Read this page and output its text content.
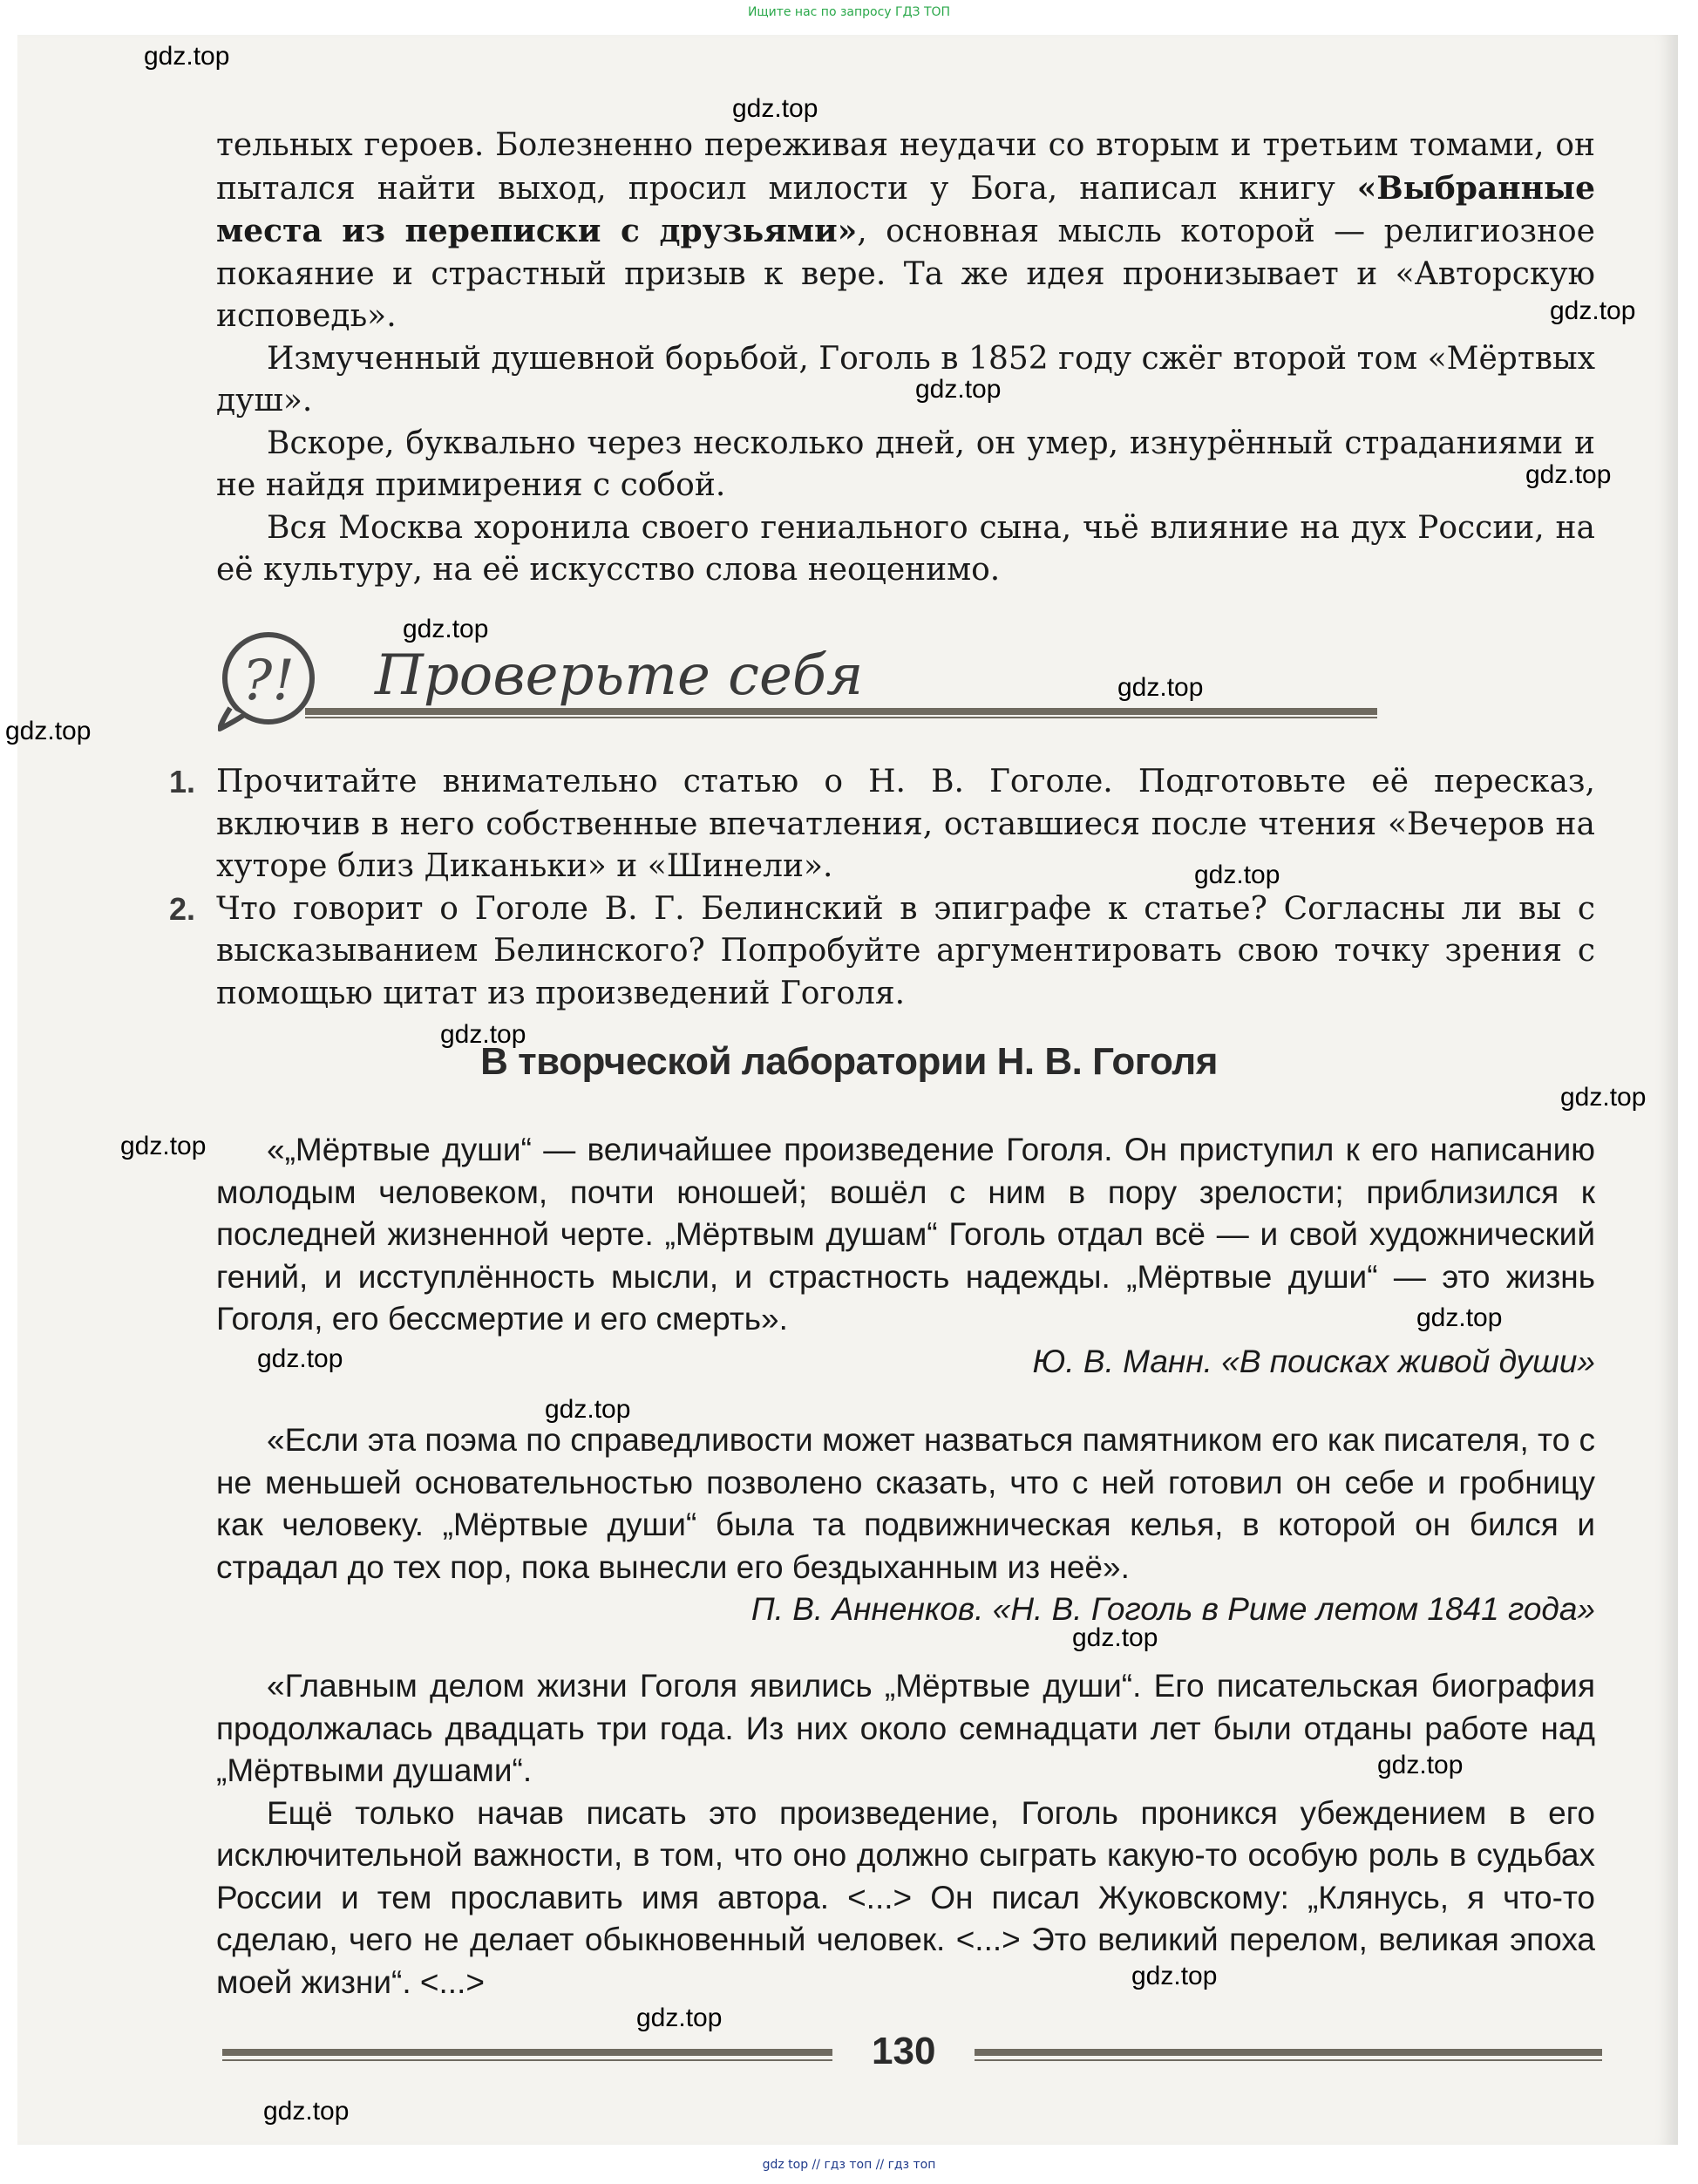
Ищите нас по запросу ГДЗ ТОП

тельных героев. Болезненно переживая неудачи со вторым и третьим томами, он пытался найти выход, просил милости у Бога, написал книгу «Выбранные места из переписки с друзьями», основная мысль которой — религиозное покаяние и страстный призыв к вере. Та же идея пронизывает и «Авторскую исповедь».

Измученный душевной борьбой, Гоголь в 1852 году сжёг второй том «Мёртвых душ».

Вскоре, буквально через несколько дней, он умер, изнурённый страданиями и не найдя примирения с собой.

Вся Москва хоронила своего гениального сына, чьё влияние на дух России, на её культуру, на её искусство слова неоценимо.

?! Проверьте себя
1. Прочитайте внимательно статью о Н. В. Гоголе. Подготовьте её пересказ, включив в него собственные впечатления, оставшиеся после чтения «Вечеров на хуторе близ Диканьки» и «Шинели».
2. Что говорит о Гоголе В. Г. Белинский в эпиграфе к статье? Согласны ли вы с высказыванием Белинского? Попробуйте аргументировать свою точку зрения с помощью цитат из произведений Гоголя.
В творческой лаборатории Н. В. Гоголя

«„Мёртвые души“ — величайшее произведение Гоголя. Он приступил к его написанию молодым человеком, почти юношей; вошёл с ним в пору зрелости; приблизился к последней жизненной черте. „Мёртвым душам“ Гоголь отдал всё — и свой художнический гений, и исступлённость мысли, и страстность надежды. „Мёртвые души“ — это жизнь Гоголя, его бессмертие и его смерть».

Ю. В. Манн. «В поисках живой души»

«Если эта поэма по справедливости может назваться памятником его как писателя, то с не меньшей основательностью позволено сказать, что с ней готовил он себе и гробницу как человеку. „Мёртвые души“ была та подвижническая келья, в которой он бился и страдал до тех пор, пока вынесли его бездыханным из неё».

П. В. Анненков. «Н. В. Гоголь в Риме летом 1841 года»

«Главным делом жизни Гоголя явились „Мёртвые души“. Его писательская биография продолжалась двадцать три года. Из них около семнадцати лет были отданы работе над „Мёртвыми душами“.

Ещё только начав писать это произведение, Гоголь проникся убеждением в его исключительной важности, в том, что оно должно сыграть какую-то особую роль в судьбах России и тем прославить имя автора. <...> Он писал Жуковскому: „Клянусь, я что-то сделаю, чего не делает обыкновенный человек. <...> Это великий перелом, великая эпоха моей жизни“. <...>

130
gdz.top
gdz.top
gdz.top
gdz.top
gdz.top
gdz.top
gdz.top
gdz.top
gdz.top
gdz.top
gdz.top
gdz.top
gdz.top
gdz.top
gdz.top
gdz.top
gdz.top
gdz.top
gdz.top
gdz.top
gdz top // гдз топ // гдз топ
